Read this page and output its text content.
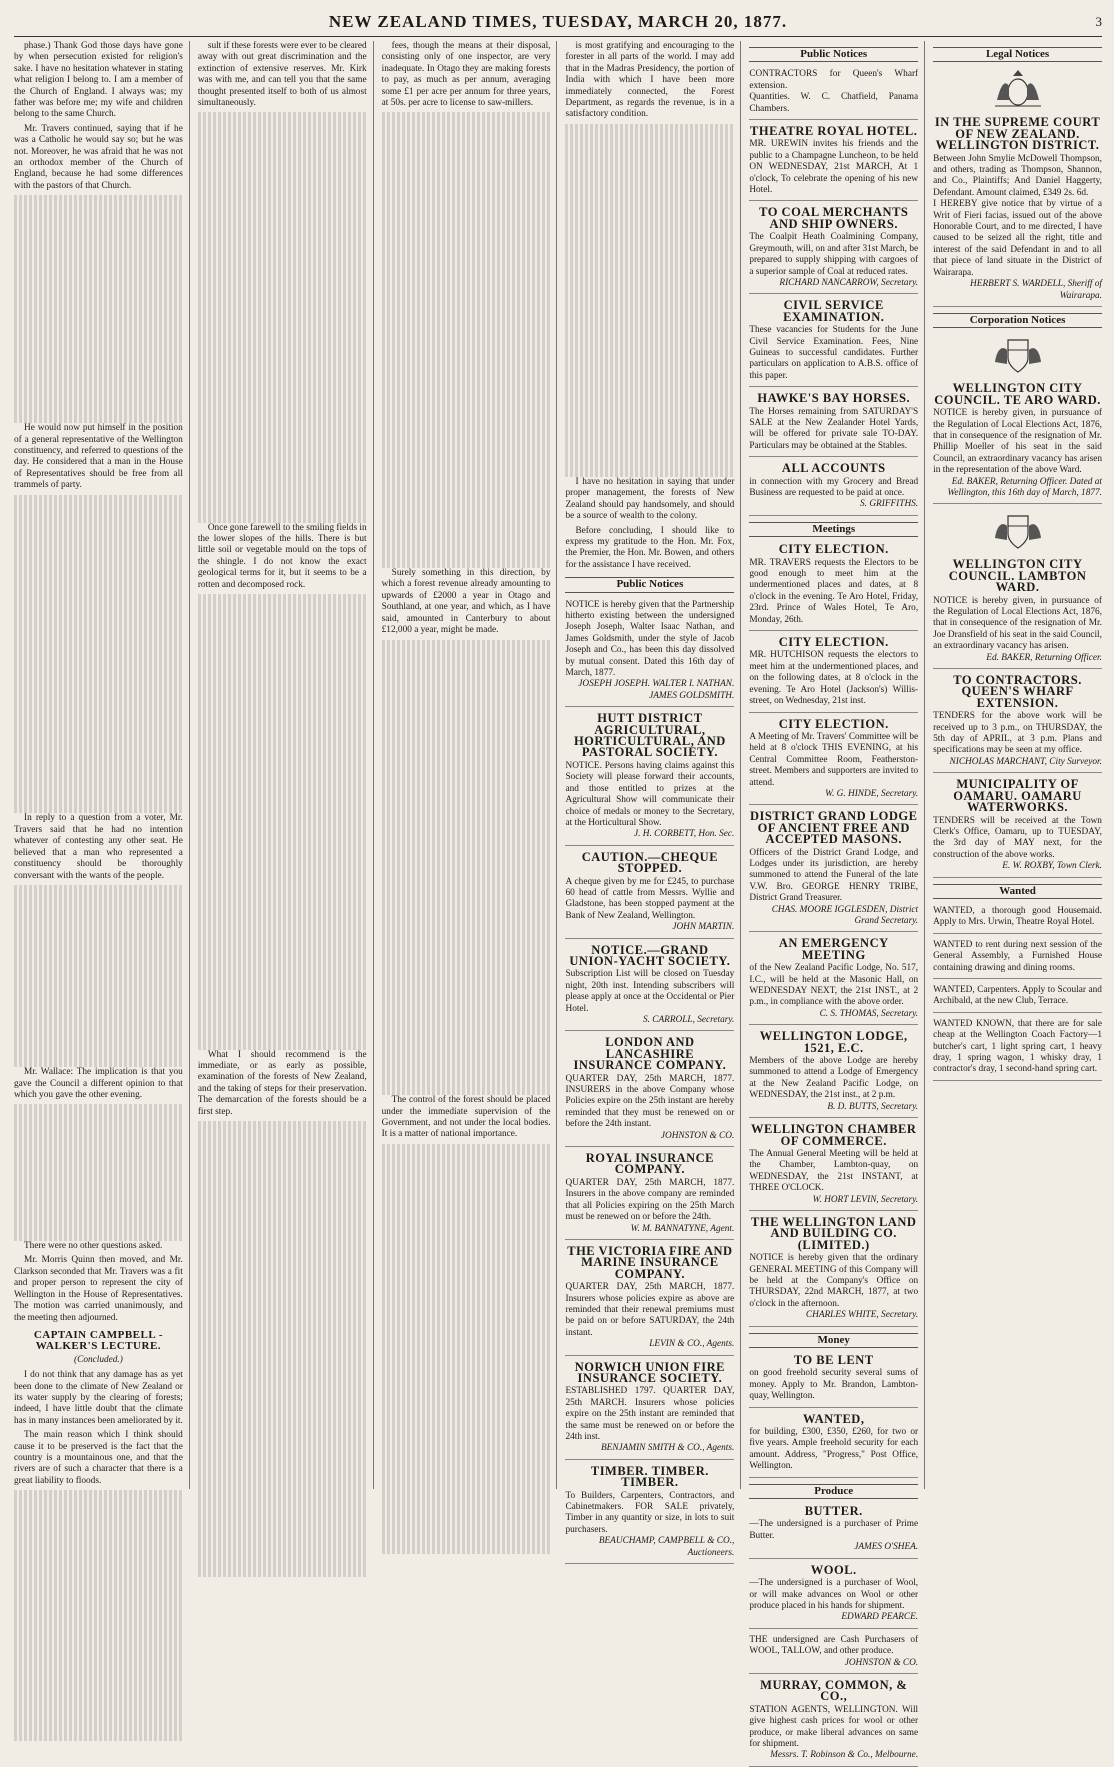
NEW ZEALAND TIMES, TUESDAY, MARCH 20, 1877.	3

phase.) Thank God those days have gone by when persecution existed for religion's sake. I have no hesitation whatever in stating what religion I belong to. I am a member of the Church of England. I always was; my father was before me; my wife and children belong to the same Church.

Mr. Travers continued, saying that if he was a Catholic he would say so; but he was not. Moreover, he was afraid that he was not an orthodox member of the Church of England, because he had some differences with the pastors of that Church.

He would now put himself in the position of a general representative of the Wellington constituency, and referred to questions of the day. He considered that a man in the House of Representatives should be free from all trammels of party.

In reply to a question from a voter, Mr. Travers said that he had no intention whatever of contesting any other seat. He believed that a man who represented a constituency should be thoroughly conversant with the wants of the people.

Mr. Wallace: The implication is that you gave the Council a different opinion to that which you gave the other evening.

There were no other questions asked.

Mr. Morris Quinn then moved, and Mr. Clarkson seconded that Mr. Travers was a fit and proper person to represent the city of Wellington in the House of Representatives. The motion was carried unanimously, and the meeting then adjourned.

CAPTAIN CAMPBELL - WALKER'S LECTURE.
(Concluded.)

I do not think that any damage has as yet been done to the climate of New Zealand or its water supply by the clearing of forests; indeed, I have little doubt that the climate has in many instances been ameliorated by it.

The main reason which I think should cause it to be preserved is the fact that the country is a mountainous one, and that the rivers are of such a character that there is a great liability to floods.

sult if these forests were ever to be cleared away with out great discrimination and the extinction of extensive reserves. Mr. Kirk was with me, and can tell you that the same thought presented itself to both of us almost simultaneously.

Once gone farewell to the smiling fields in the lower slopes of the hills. There is but little soil or vegetable mould on the tops of the shingle. I do not know the exact geological terms for it, but it seems to be a rotten and decomposed rock.

What I should recommend is the immediate, or as early as possible, examination of the forests of New Zealand, and the taking of steps for their preservation. The demarcation of the forests should be a first step.

fees, though the means at their disposal, consisting only of one inspector, are very inadequate. In Otago they are making forests to pay, as much as per annum, averaging some £1 per acre per annum for three years, at 50s. per acre to license to saw-millers.

Surely something in this direction, by which a forest revenue already amounting to upwards of £2000 a year in Otago and Southland, at one year, and which, as I have said, amounted in Canterbury to about £12,000 a year, might be made.

The control of the forest should be placed under the immediate supervision of the Government, and not under the local bodies. It is a matter of national importance.

is most gratifying and encouraging to the forester in all parts of the world. I may add that in the Madras Presidency, the portion of India with which I have been more immediately connected, the Forest Department, as regards the revenue, is in a satisfactory condition.

I have no hesitation in saying that under proper management, the forests of New Zealand should pay handsomely, and should be a source of wealth to the colony.

Before concluding, I should like to express my gratitude to the Hon. Mr. Fox, the Premier, the Hon. Mr. Bowen, and others for the assistance I have received.

Public Notices
NOTICE is hereby given that the Partnership hitherto existing between the undersigned Joseph Joseph, Walter Isaac Nathan, and James Goldsmith, under the style of Jacob Joseph and Co., has been this day dissolved by mutual consent. Dated this 16th day of March, 1877.
JOSEPH JOSEPH. WALTER I. NATHAN. JAMES GOLDSMITH.
HUTT DISTRICT AGRICULTURAL, HORTICULTURAL, AND PASTORAL SOCIETY.
NOTICE. Persons having claims against this Society will please forward their accounts, and those entitled to prizes at the Agricultural Show will communicate their choice of medals or money to the Secretary, at the Horticultural Show.
J. H. CORBETT, Hon. Sec.
CAUTION.—CHEQUE STOPPED.
A cheque given by me for £245, to purchase 60 head of cattle from Messrs. Wyllie and Gladstone, has been stopped payment at the Bank of New Zealand, Wellington.
JOHN MARTIN.
NOTICE.—GRAND UNION-YACHT SOCIETY.
Subscription List will be closed on Tuesday night, 20th inst. Intending subscribers will please apply at once at the Occidental or Pier Hotel.
S. CARROLL, Secretary.
LONDON AND LANCASHIRE INSURANCE COMPANY.
QUARTER DAY, 25th MARCH, 1877. INSURERS in the above Company whose Policies expire on the 25th instant are hereby reminded that they must be renewed on or before the 24th instant.
JOHNSTON & CO.
ROYAL INSURANCE COMPANY.
QUARTER DAY, 25th MARCH, 1877. Insurers in the above company are reminded that all Policies expiring on the 25th March must be renewed on or before the 24th.
W. M. BANNATYNE, Agent.
THE VICTORIA FIRE AND MARINE INSURANCE COMPANY.
QUARTER DAY, 25th MARCH, 1877. Insurers whose policies expire as above are reminded that their renewal premiums must be paid on or before SATURDAY, the 24th instant.
LEVIN & CO., Agents.
NORWICH UNION FIRE INSURANCE SOCIETY.
ESTABLISHED 1797. QUARTER DAY, 25th MARCH. Insurers whose policies expire on the 25th instant are reminded that the same must be renewed on or before the 24th inst.
BENJAMIN SMITH & CO., Agents.
TIMBER. TIMBER. TIMBER.
To Builders, Carpenters, Contractors, and Cabinetmakers. FOR SALE privately, Timber in any quantity or size, in lots to suit purchasers.
BEAUCHAMP, CAMPBELL & CO., Auctioneers.
Public Notices
CONTRACTORS for Queen's Wharf extension.
Quantities. W. C. Chatfield, Panama Chambers.
THEATRE ROYAL HOTEL.
MR. UREWIN invites his friends and the public to a Champagne Luncheon, to be held ON WEDNESDAY, 21st MARCH, At 1 o'clock, To celebrate the opening of his new Hotel.
TO COAL MERCHANTS AND SHIP OWNERS.
The Coalpit Heath Coalmining Company, Greymouth, will, on and after 31st March, be prepared to supply shipping with cargoes of a superior sample of Coal at reduced rates.
RICHARD NANCARROW, Secretary.
CIVIL SERVICE EXAMINATION.
These vacancies for Students for the June Civil Service Examination. Fees, Nine Guineas to successful candidates. Further particulars on application to A.B.S. office of this paper.
HAWKE'S BAY HORSES.
The Horses remaining from SATURDAY'S SALE at the New Zealander Hotel Yards, will be offered for private sale TO-DAY. Particulars may be obtained at the Stables.
ALL ACCOUNTS
in connection with my Grocery and Bread Business are requested to be paid at once.
S. GRIFFITHS.
Meetings
CITY ELECTION.
MR. TRAVERS requests the Electors to be good enough to meet him at the undermentioned places and dates, at 8 o'clock in the evening. Te Aro Hotel, Friday, 23rd. Prince of Wales Hotel, Te Aro, Monday, 26th.
CITY ELECTION.
MR. HUTCHISON requests the electors to meet him at the undermentioned places, and on the following dates, at 8 o'clock in the evening. Te Aro Hotel (Jackson's) Willis-street, on Wednesday, 21st inst.
CITY ELECTION.
A Meeting of Mr. Travers' Committee will be held at 8 o'clock THIS EVENING, at his Central Committee Room, Featherston-street. Members and supporters are invited to attend.
W. G. HINDE, Secretary.
DISTRICT GRAND LODGE OF ANCIENT FREE AND ACCEPTED MASONS.
Officers of the District Grand Lodge, and Lodges under its jurisdiction, are hereby summoned to attend the Funeral of the late V.W. Bro. GEORGE HENRY TRIBE, District Grand Treasurer.
CHAS. MOORE IGGLESDEN, District Grand Secretary.
AN EMERGENCY MEETING
of the New Zealand Pacific Lodge, No. 517, I.C., will be held at the Masonic Hall, on WEDNESDAY NEXT, the 21st INST., at 2 p.m., in compliance with the above order.
C. S. THOMAS, Secretary.
WELLINGTON LODGE, 1521, E.C.
Members of the above Lodge are hereby summoned to attend a Lodge of Emergency at the New Zealand Pacific Lodge, on WEDNESDAY, the 21st inst., at 2 p.m.
B. D. BUTTS, Secretary.
WELLINGTON CHAMBER OF COMMERCE.
The Annual General Meeting will be held at the Chamber, Lambton-quay, on WEDNESDAY, the 21st INSTANT, at THREE O'CLOCK.
W. HORT LEVIN, Secretary.
THE WELLINGTON LAND AND BUILDING CO. (LIMITED.)
NOTICE is hereby given that the ordinary GENERAL MEETING of this Company will be held at the Company's Office on THURSDAY, 22nd MARCH, 1877, at two o'clock in the afternoon.
CHARLES WHITE, Secretary.
Money
TO BE LENT
on good freehold security several sums of money. Apply to Mr. Brandon, Lambton-quay, Wellington.
WANTED,
for building, £300, £350, £260, for two or five years. Ample freehold security for each amount. Address, "Progress," Post Office, Wellington.
Produce
BUTTER.
—The undersigned is a purchaser of Prime Butter.
JAMES O'SHEA.
WOOL.
—The undersigned is a purchaser of Wool, or will make advances on Wool or other produce placed in his hands for shipment.
EDWARD PEARCE.
THE undersigned are Cash Purchasers of WOOL, TALLOW, and other produce.
JOHNSTON & CO.
MURRAY, COMMON, & CO.,
STATION AGENTS, WELLINGTON. Will give highest cash prices for wool or other produce, or make liberal advances on same for shipment.
Messrs. T. Robinson & Co., Melbourne.
Legal Notices
IN THE SUPREME COURT OF NEW ZEALAND. WELLINGTON DISTRICT.
Between John Smylie McDowell Thompson, and others, trading as Thompson, Shannon, and Co., Plaintiffs; And Daniel Haggerty, Defendant. Amount claimed, £349 2s. 6d.
I HEREBY give notice that by virtue of a Writ of Fieri facias, issued out of the above Honorable Court, and to me directed, I have caused to be seized all the right, title and interest of the said Defendant in and to all that piece of land situate in the District of Wairarapa.
HERBERT S. WARDELL, Sheriff of Wairarapa.
Corporation Notices
WELLINGTON CITY COUNCIL. TE ARO WARD.
NOTICE is hereby given, in pursuance of the Regulation of Local Elections Act, 1876, that in consequence of the resignation of Mr. Phillip Moeller of his seat in the said Council, an extraordinary vacancy has arisen in the representation of the above Ward.
Ed. BAKER, Returning Officer. Dated at Wellington, this 16th day of March, 1877.
WELLINGTON CITY COUNCIL. LAMBTON WARD.
NOTICE is hereby given, in pursuance of the Regulation of Local Elections Act, 1876, that in consequence of the resignation of Mr. Joe Dransfield of his seat in the said Council, an extraordinary vacancy has arisen.
Ed. BAKER, Returning Officer.
TO CONTRACTORS. QUEEN'S WHARF EXTENSION.
TENDERS for the above work will be received up to 3 p.m., on THURSDAY, the 5th day of APRIL, at 3 p.m. Plans and specifications may be seen at my office.
NICHOLAS MARCHANT, City Surveyor.
MUNICIPALITY OF OAMARU. OAMARU WATERWORKS.
TENDERS will be received at the Town Clerk's Office, Oamaru, up to TUESDAY, the 3rd day of MAY next, for the construction of the above works.
E. W. ROXBY, Town Clerk.
Wanted
WANTED, a thorough good Housemaid. Apply to Mrs. Urwin, Theatre Royal Hotel.
WANTED to rent during next session of the General Assembly, a Furnished House containing drawing and dining rooms.
WANTED, Carpenters. Apply to Scoular and Archibald, at the new Club, Terrace.
WANTED KNOWN, that there are for sale cheap at the Wellington Coach Factory—1 butcher's cart, 1 light spring cart, 1 heavy dray, 1 spring wagon, 1 whisky dray, 1 contractor's dray, 1 second-hand spring cart.
